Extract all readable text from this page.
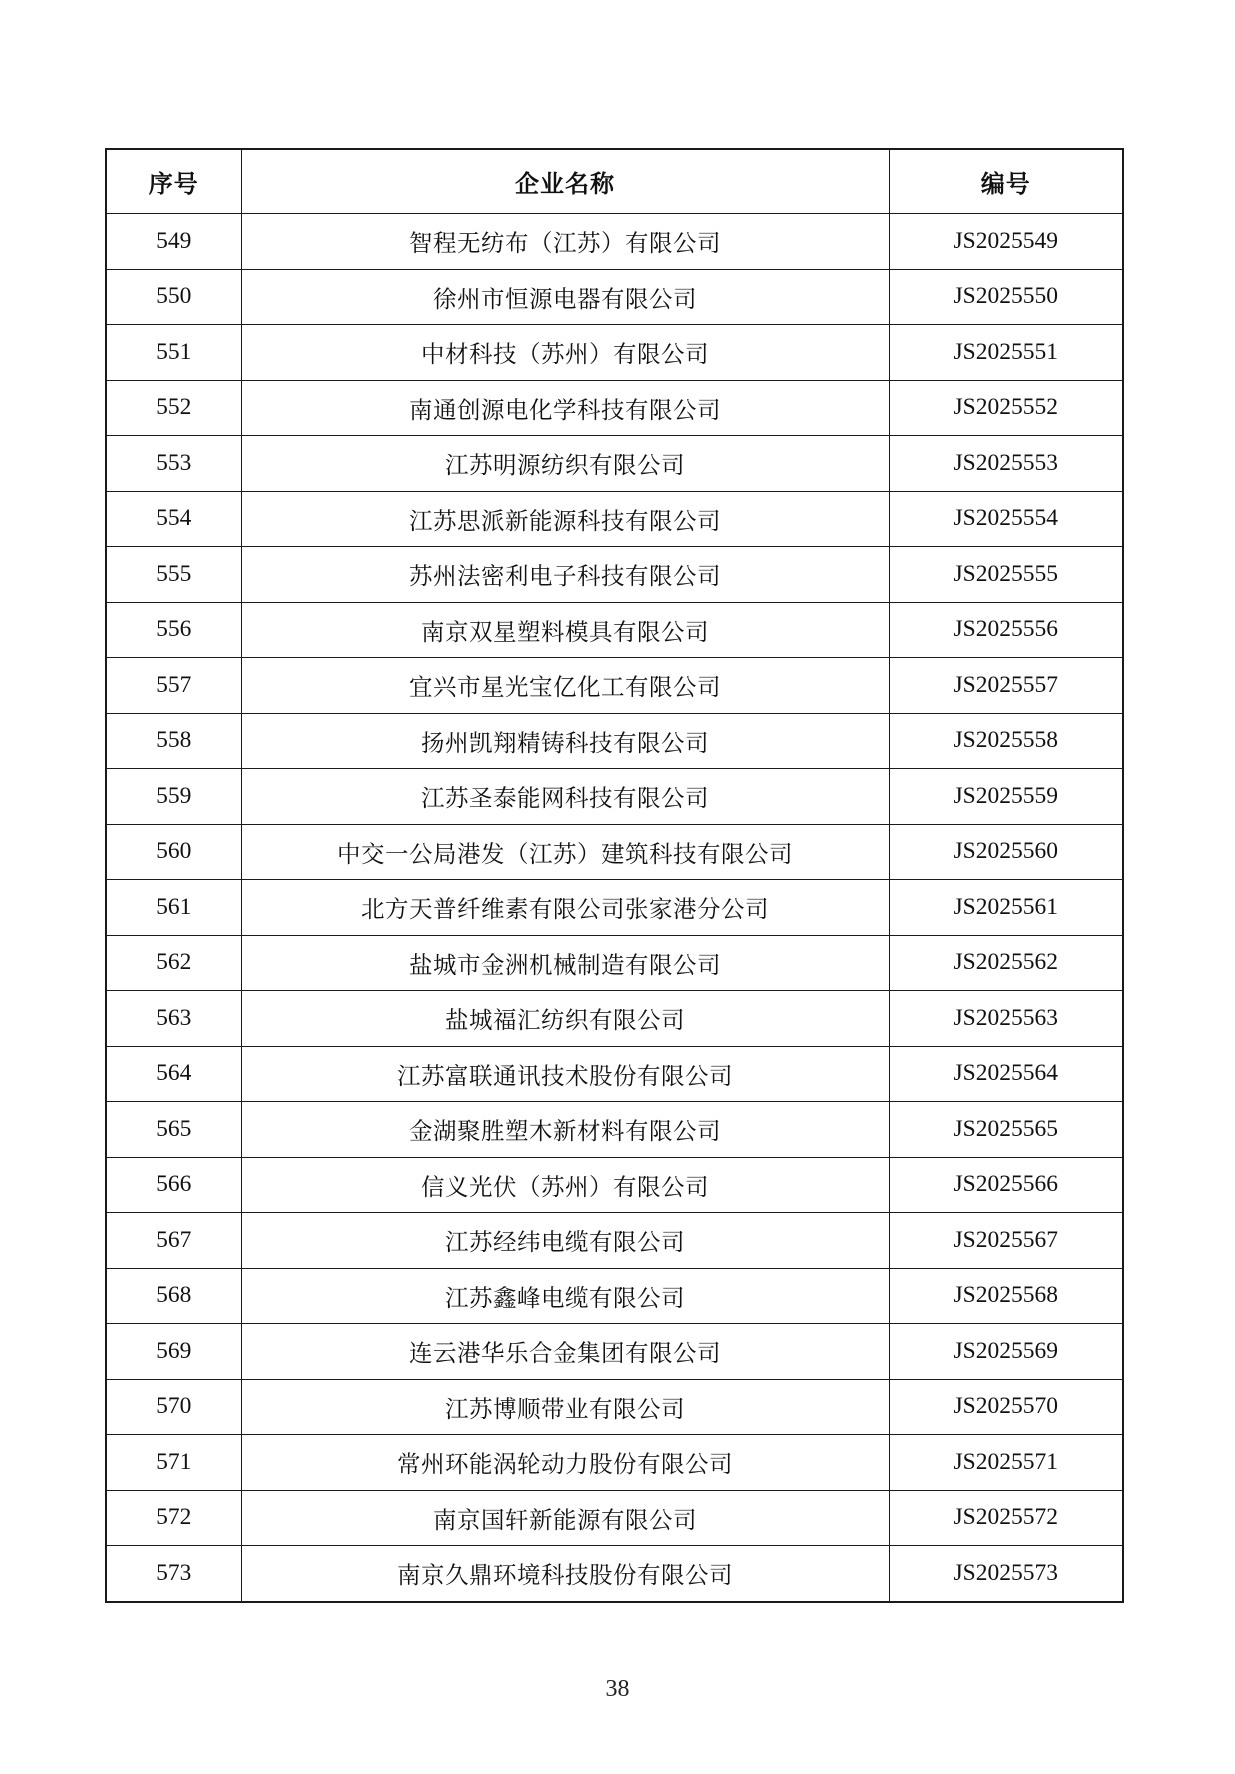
序号	企业名称	编号
549	智程无纺布（江苏）有限公司	JS2025549
550	徐州市恒源电器有限公司	JS2025550
551	中材科技（苏州）有限公司	JS2025551
552	南通创源电化学科技有限公司	JS2025552
553	江苏明源纺织有限公司	JS2025553
554	江苏思派新能源科技有限公司	JS2025554
555	苏州法密利电子科技有限公司	JS2025555
556	南京双星塑料模具有限公司	JS2025556
557	宜兴市星光宝亿化工有限公司	JS2025557
558	扬州凯翔精铸科技有限公司	JS2025558
559	江苏圣泰能网科技有限公司	JS2025559
560	中交一公局港发（江苏）建筑科技有限公司	JS2025560
561	北方天普纤维素有限公司张家港分公司	JS2025561
562	盐城市金洲机械制造有限公司	JS2025562
563	盐城福汇纺织有限公司	JS2025563
564	江苏富联通讯技术股份有限公司	JS2025564
565	金湖聚胜塑木新材料有限公司	JS2025565
566	信义光伏（苏州）有限公司	JS2025566
567	江苏经纬电缆有限公司	JS2025567
568	江苏鑫峰电缆有限公司	JS2025568
569	连云港华乐合金集团有限公司	JS2025569
570	江苏博顺带业有限公司	JS2025570
571	常州环能涡轮动力股份有限公司	JS2025571
572	南京国轩新能源有限公司	JS2025572
573	南京久鼎环境科技股份有限公司	JS2025573
38
